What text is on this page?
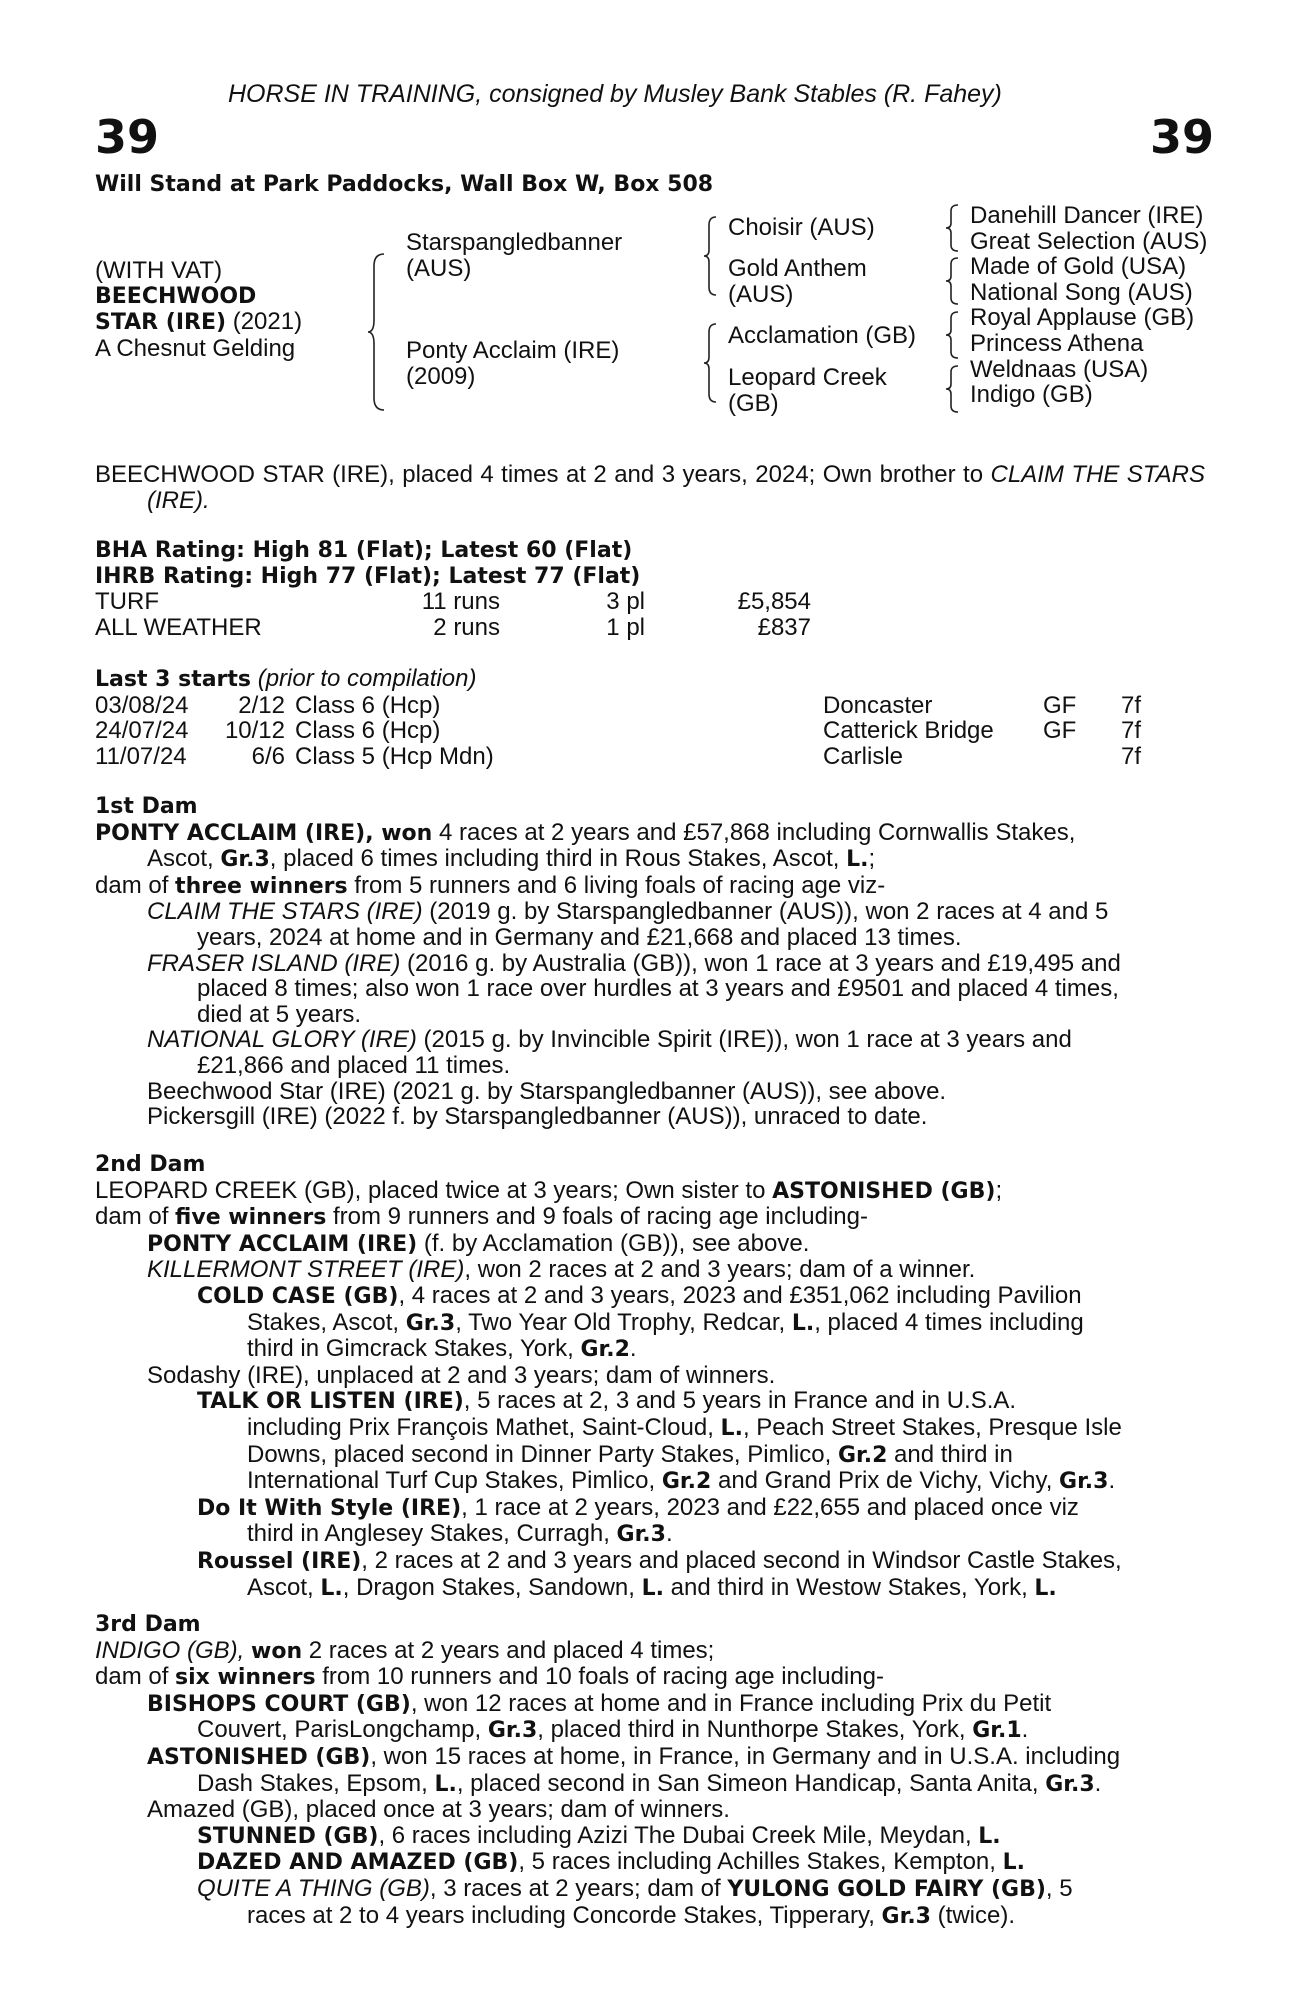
HORSE IN TRAINING, consigned by Musley Bank Stables (R. Fahey)
39	39
Will Stand at Park Paddocks, Wall Box W, Box 508
(WITH VAT)
BEECHWOOD
STAR (IRE) (2021)
A Chesnut Gelding
Starspangledbanner
(AUS)
Ponty Acclaim (IRE)
(2009)
Choisir (AUS)
Gold Anthem
(AUS)
Acclamation (GB)
Leopard Creek
(GB)
Danehill Dancer (IRE)
Great Selection (AUS)
Made of Gold (USA)
National Song (AUS)
Royal Applause (GB)
Princess Athena
Weldnaas (USA)
Indigo (GB)
BEECHWOOD STAR (IRE), placed 4 times at 2 and 3 years, 2024; Own brother to CLAIM THE STARS (IRE).
BHA Rating: High 81 (Flat); Latest 60 (Flat)
IHRB Rating: High 77 (Flat); Latest 77 (Flat)
TURF	11 runs	3 pl	£5,854
ALL WEATHER	2 runs	1 pl	£837
Last 3 starts (prior to compilation)
03/08/24	2/12	Class 6 (Hcp)	Doncaster	GF	7f
24/07/24	10/12	Class 6 (Hcp)	Catterick Bridge	GF	7f
11/07/24	6/6	Class 5 (Hcp Mdn)	Carlisle		7f
1st Dam
PONTY ACCLAIM (IRE), won 4 races at 2 years and £57,868 including Cornwallis Stakes,
Ascot, Gr.3, placed 6 times including third in Rous Stakes, Ascot, L.;
dam of three winners from 5 runners and 6 living foals of racing age viz-
CLAIM THE STARS (IRE) (2019 g. by Starspangledbanner (AUS)), won 2 races at 4 and 5
years, 2024 at home and in Germany and £21,668 and placed 13 times.
FRASER ISLAND (IRE) (2016 g. by Australia (GB)), won 1 race at 3 years and £19,495 and
placed 8 times; also won 1 race over hurdles at 3 years and £9501 and placed 4 times,
died at 5 years.
NATIONAL GLORY (IRE) (2015 g. by Invincible Spirit (IRE)), won 1 race at 3 years and
£21,866 and placed 11 times.
Beechwood Star (IRE) (2021 g. by Starspangledbanner (AUS)), see above.
Pickersgill (IRE) (2022 f. by Starspangledbanner (AUS)), unraced to date.
2nd Dam
LEOPARD CREEK (GB), placed twice at 3 years; Own sister to ASTONISHED (GB);
dam of five winners from 9 runners and 9 foals of racing age including-
PONTY ACCLAIM (IRE) (f. by Acclamation (GB)), see above.
KILLERMONT STREET (IRE), won 2 races at 2 and 3 years; dam of a winner.
COLD CASE (GB), 4 races at 2 and 3 years, 2023 and £351,062 including Pavilion
Stakes, Ascot, Gr.3, Two Year Old Trophy, Redcar, L., placed 4 times including
third in Gimcrack Stakes, York, Gr.2.
Sodashy (IRE), unplaced at 2 and 3 years; dam of winners.
TALK OR LISTEN (IRE), 5 races at 2, 3 and 5 years in France and in U.S.A.
including Prix François Mathet, Saint-Cloud, L., Peach Street Stakes, Presque Isle
Downs, placed second in Dinner Party Stakes, Pimlico, Gr.2 and third in
International Turf Cup Stakes, Pimlico, Gr.2 and Grand Prix de Vichy, Vichy, Gr.3.
Do It With Style (IRE), 1 race at 2 years, 2023 and £22,655 and placed once viz
third in Anglesey Stakes, Curragh, Gr.3.
Roussel (IRE), 2 races at 2 and 3 years and placed second in Windsor Castle Stakes,
Ascot, L., Dragon Stakes, Sandown, L. and third in Westow Stakes, York, L.
3rd Dam
INDIGO (GB), won 2 races at 2 years and placed 4 times;
dam of six winners from 10 runners and 10 foals of racing age including-
BISHOPS COURT (GB), won 12 races at home and in France including Prix du Petit
Couvert, ParisLongchamp, Gr.3, placed third in Nunthorpe Stakes, York, Gr.1.
ASTONISHED (GB), won 15 races at home, in France, in Germany and in U.S.A. including
Dash Stakes, Epsom, L., placed second in San Simeon Handicap, Santa Anita, Gr.3.
Amazed (GB), placed once at 3 years; dam of winners.
STUNNED (GB), 6 races including Azizi The Dubai Creek Mile, Meydan, L.
DAZED AND AMAZED (GB), 5 races including Achilles Stakes, Kempton, L.
QUITE A THING (GB), 3 races at 2 years; dam of YULONG GOLD FAIRY (GB), 5
races at 2 to 4 years including Concorde Stakes, Tipperary, Gr.3 (twice).
